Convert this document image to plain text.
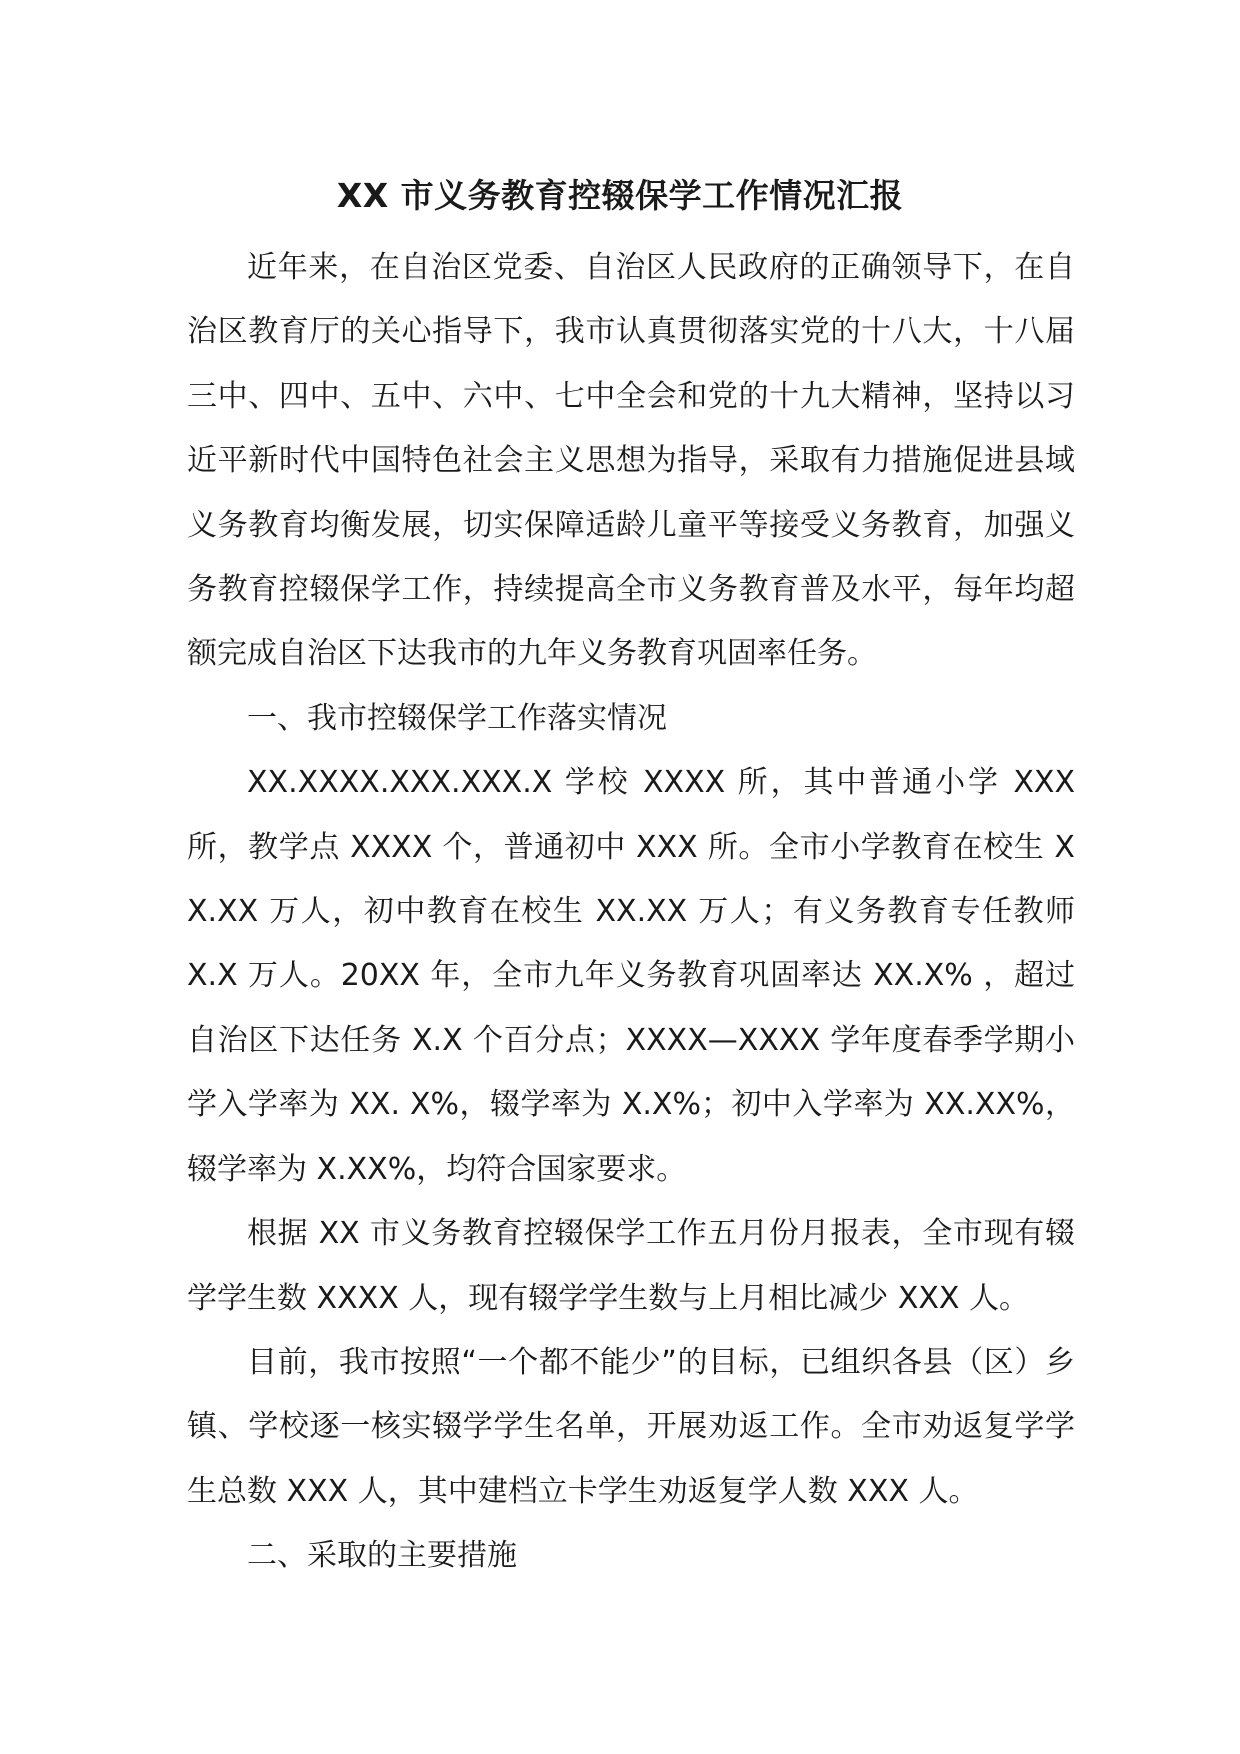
XX 市义务教育控辍保学工作情况汇报

近年来，在自治区党委、自治区人民政府的正确领导下，在自治区教育厅的关心指导下，我市认真贯彻落实党的十八大，十八届三中、四中、五中、六中、七中全会和党的十九大精神，坚持以习近平新时代中国特色社会主义思想为指导，采取有力措施促进县域义务教育均衡发展，切实保障适龄儿童平等接受义务教育，加强义务教育控辍保学工作，持续提高全市义务教育普及水平，每年均超额完成自治区下达我市的九年义务教育巩固率任务。

一、我市控辍保学工作落实情况

XX.XXXX.XXX.XXX.X 学校 XXXX 所，其中普通小学 XXX 所，教学点 XXXX 个，普通初中 XXX 所。全市小学教育在校生 XX.XX 万人，初中教育在校生 XX.XX 万人；有义务教育专任教师 X.X 万人。20XX 年，全市九年义务教育巩固率达 XX.X% ，超过自治区下达任务 X.X 个百分点；XXXX—XXXX 学年度春季学期小学入学率为 XX. X%，辍学率为 X.X%；初中入学率为 XX.XX%，辍学率为 X.XX%，均符合国家要求。

根据 XX 市义务教育控辍保学工作五月份月报表，全市现有辍学学生数 XXXX 人，现有辍学学生数与上月相比减少 XXX 人。

目前，我市按照“一个都不能少”的目标，已组织各县（区）乡镇、学校逐一核实辍学学生名单，开展劝返工作。全市劝返复学学生总数 XXX 人，其中建档立卡学生劝返复学人数 XXX 人。

二、采取的主要措施
